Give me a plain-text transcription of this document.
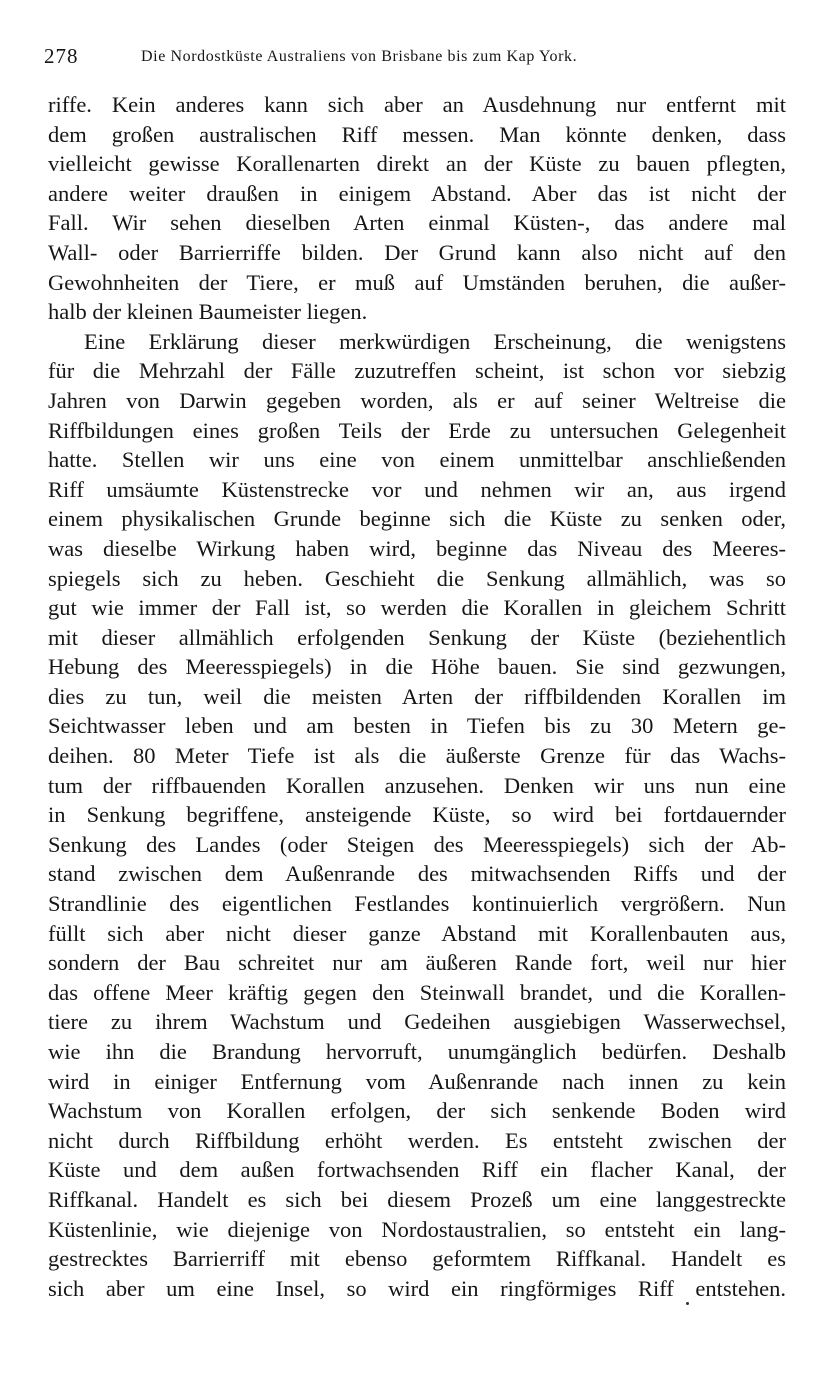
278	Die Nordostküste Australiens von Brisbane bis zum Kap York.
riffe. Kein anderes kann sich aber an Ausdehnung nur entfernt mit
dem großen australischen Riff messen. Man könnte denken, dass
vielleicht gewisse Korallenarten direkt an der Küste zu bauen pflegten,
andere weiter draußen in einigem Abstand. Aber das ist nicht der
Fall. Wir sehen dieselben Arten einmal Küsten-, das andere mal
Wall- oder Barrierriffe bilden. Der Grund kann also nicht auf den
Gewohnheiten der Tiere, er muß auf Umständen beruhen, die außer-
halb der kleinen Baumeister liegen.
Eine Erklärung dieser merkwürdigen Erscheinung, die wenigstens
für die Mehrzahl der Fälle zuzutreffen scheint, ist schon vor siebzig
Jahren von Darwin gegeben worden, als er auf seiner Weltreise die
Riffbildungen eines großen Teils der Erde zu untersuchen Gelegenheit
hatte. Stellen wir uns eine von einem unmittelbar anschließenden
Riff umsäumte Küstenstrecke vor und nehmen wir an, aus irgend
einem physikalischen Grunde beginne sich die Küste zu senken oder,
was dieselbe Wirkung haben wird, beginne das Niveau des Meeres-
spiegels sich zu heben. Geschieht die Senkung allmählich, was so
gut wie immer der Fall ist, so werden die Korallen in gleichem Schritt
mit dieser allmählich erfolgenden Senkung der Küste (beziehentlich
Hebung des Meeresspiegels) in die Höhe bauen. Sie sind gezwungen,
dies zu tun, weil die meisten Arten der riffbildenden Korallen im
Seichtwasser leben und am besten in Tiefen bis zu 30 Metern ge-
deihen. 80 Meter Tiefe ist als die äußerste Grenze für das Wachs-
tum der riffbauenden Korallen anzusehen. Denken wir uns nun eine
in Senkung begriffene, ansteigende Küste, so wird bei fortdauernder
Senkung des Landes (oder Steigen des Meeresspiegels) sich der Ab-
stand zwischen dem Außenrande des mitwachsenden Riffs und der
Strandlinie des eigentlichen Festlandes kontinuierlich vergrößern. Nun
füllt sich aber nicht dieser ganze Abstand mit Korallenbauten aus,
sondern der Bau schreitet nur am äußeren Rande fort, weil nur hier
das offene Meer kräftig gegen den Steinwall brandet, und die Korallen-
tiere zu ihrem Wachstum und Gedeihen ausgiebigen Wasserwechsel,
wie ihn die Brandung hervorruft, unumgänglich bedürfen. Deshalb
wird in einiger Entfernung vom Außenrande nach innen zu kein
Wachstum von Korallen erfolgen, der sich senkende Boden wird
nicht durch Riffbildung erhöht werden. Es entsteht zwischen der
Küste und dem außen fortwachsenden Riff ein flacher Kanal, der
Riffkanal. Handelt es sich bei diesem Prozeß um eine langgestreckte
Küstenlinie, wie diejenige von Nordostaustralien, so entsteht ein lang-
gestrecktes Barrierriff mit ebenso geformtem Riffkanal. Handelt es
sich aber um eine Insel, so wird ein ringförmiges Riff entstehen.
